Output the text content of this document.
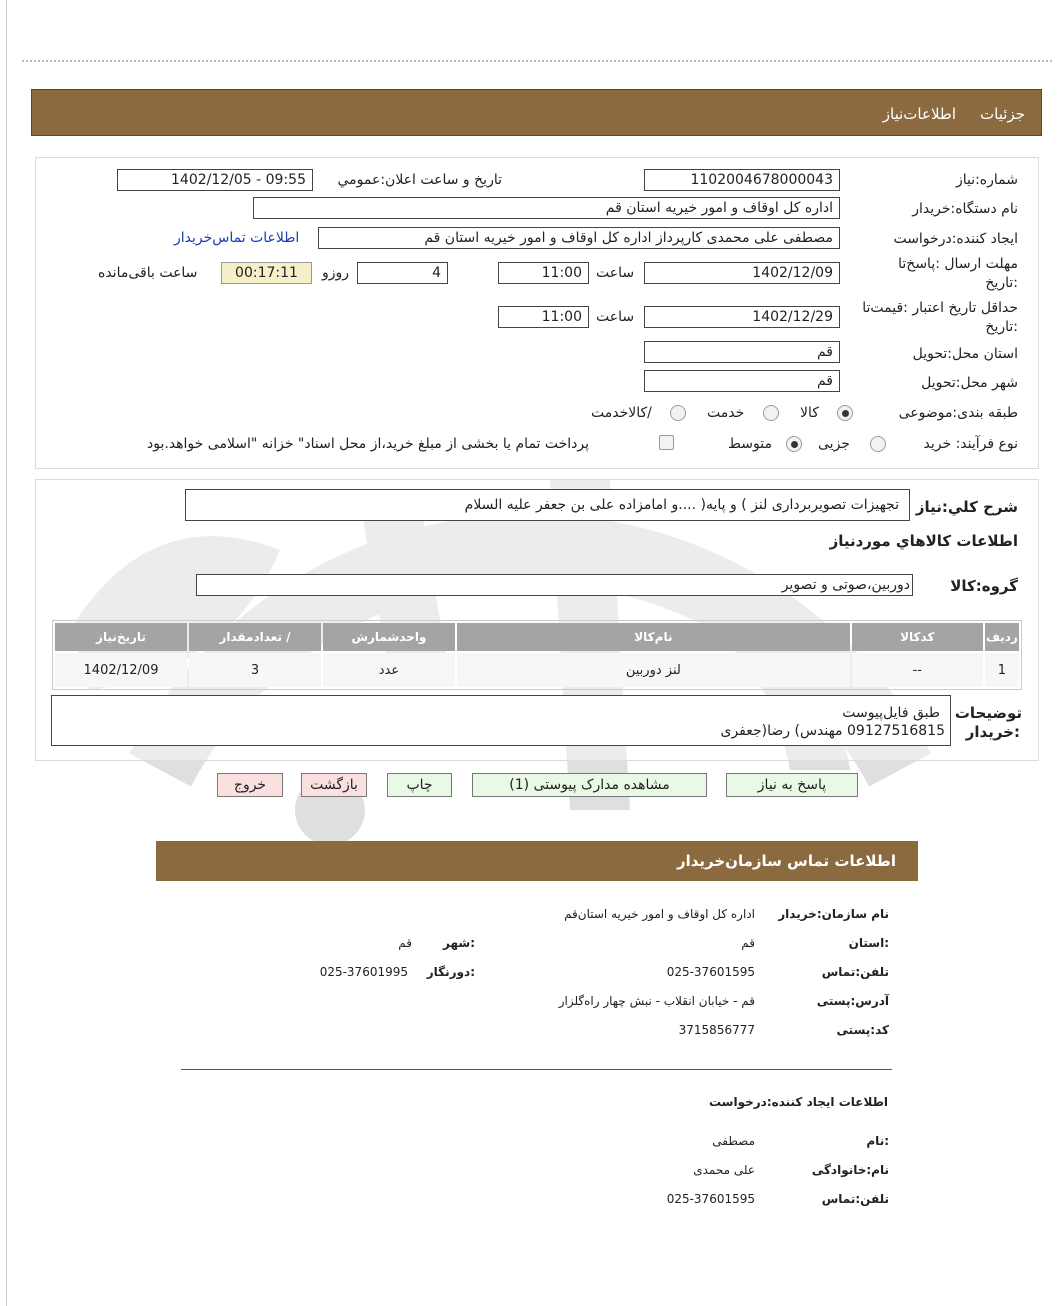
جزئیات
اطلاعات‌نیاز
شماره:نیاز
1102004678000043
تاريخ و ساعت اعلان:عمومي
1402/12/05 - 09:55
نام دستگاه:خریدار
اداره کل اوقاف و امور خیریه استان قم
ایجاد کننده:درخواست
مصطفی علی محمدی کارپرداز اداره کل اوقاف و امور خیریه استان قم
اطلاعات تماس‌خریدار
مهلت ارسال :پاسخ‌تا
:تاریخ
1402/12/09
ساعت
11:00
4
روزو
00:17:11
ساعت باقی‌مانده
حداقل تاریخ اعتبار :قیمت‌تا
:تاریخ
1402/12/29
ساعت
11:00
استان محل:تحویل
قم
شهر محل:تحویل
قم
طبقه بندی:موضوعی
کالا
خدمت
/کالاخدمت
نوع فرآیند: خرید
جزیی
متوسط
پرداخت تمام یا بخشی از مبلغ خرید،از محل اسناد" خزانه "اسلامی خواهد.بود
شرح کلي:نیاز
تجهیزات تصویربرداری لنز ) و پایه( ....و امامزاده علی بن جعفر علیه السلام
اطلاعات کالاهاي موردنیاز
گروه:کالا
دوربین،صوتی و تصویر
رديف	کدکالا	نام‌کالا	واحدشمارش	/ تعدادمقدار	تاریخ‌نیاز
1	--	لنز دوربین	عدد	3	1402/12/09
توضیحات
:خریدار
طبق فایل‌پیوست
09127516815 مهندس) رضا(جعفری
پاسخ به نیاز
مشاهده مدارک پیوستی (1)
چاپ
بازگشت
خروج
اطلاعات تماس سازمان‌خریدار
نام سازمان:خریدار
اداره کل اوقاف و امور خیریه استان‌قم
:استان
قم
:شهر
قم
تلفن:تماس
025-37601595
:دورنگار
025-37601995
آدرس:پستی
قم - خیابان انقلاب - نبش چهار راه‌گلزار
کد:پستی
3715856777
اطلاعات ایجاد کننده:درخواست
:نام
مصطفی
نام:خانوادگی
علی محمدی
تلفن:تماس
025-37601595
